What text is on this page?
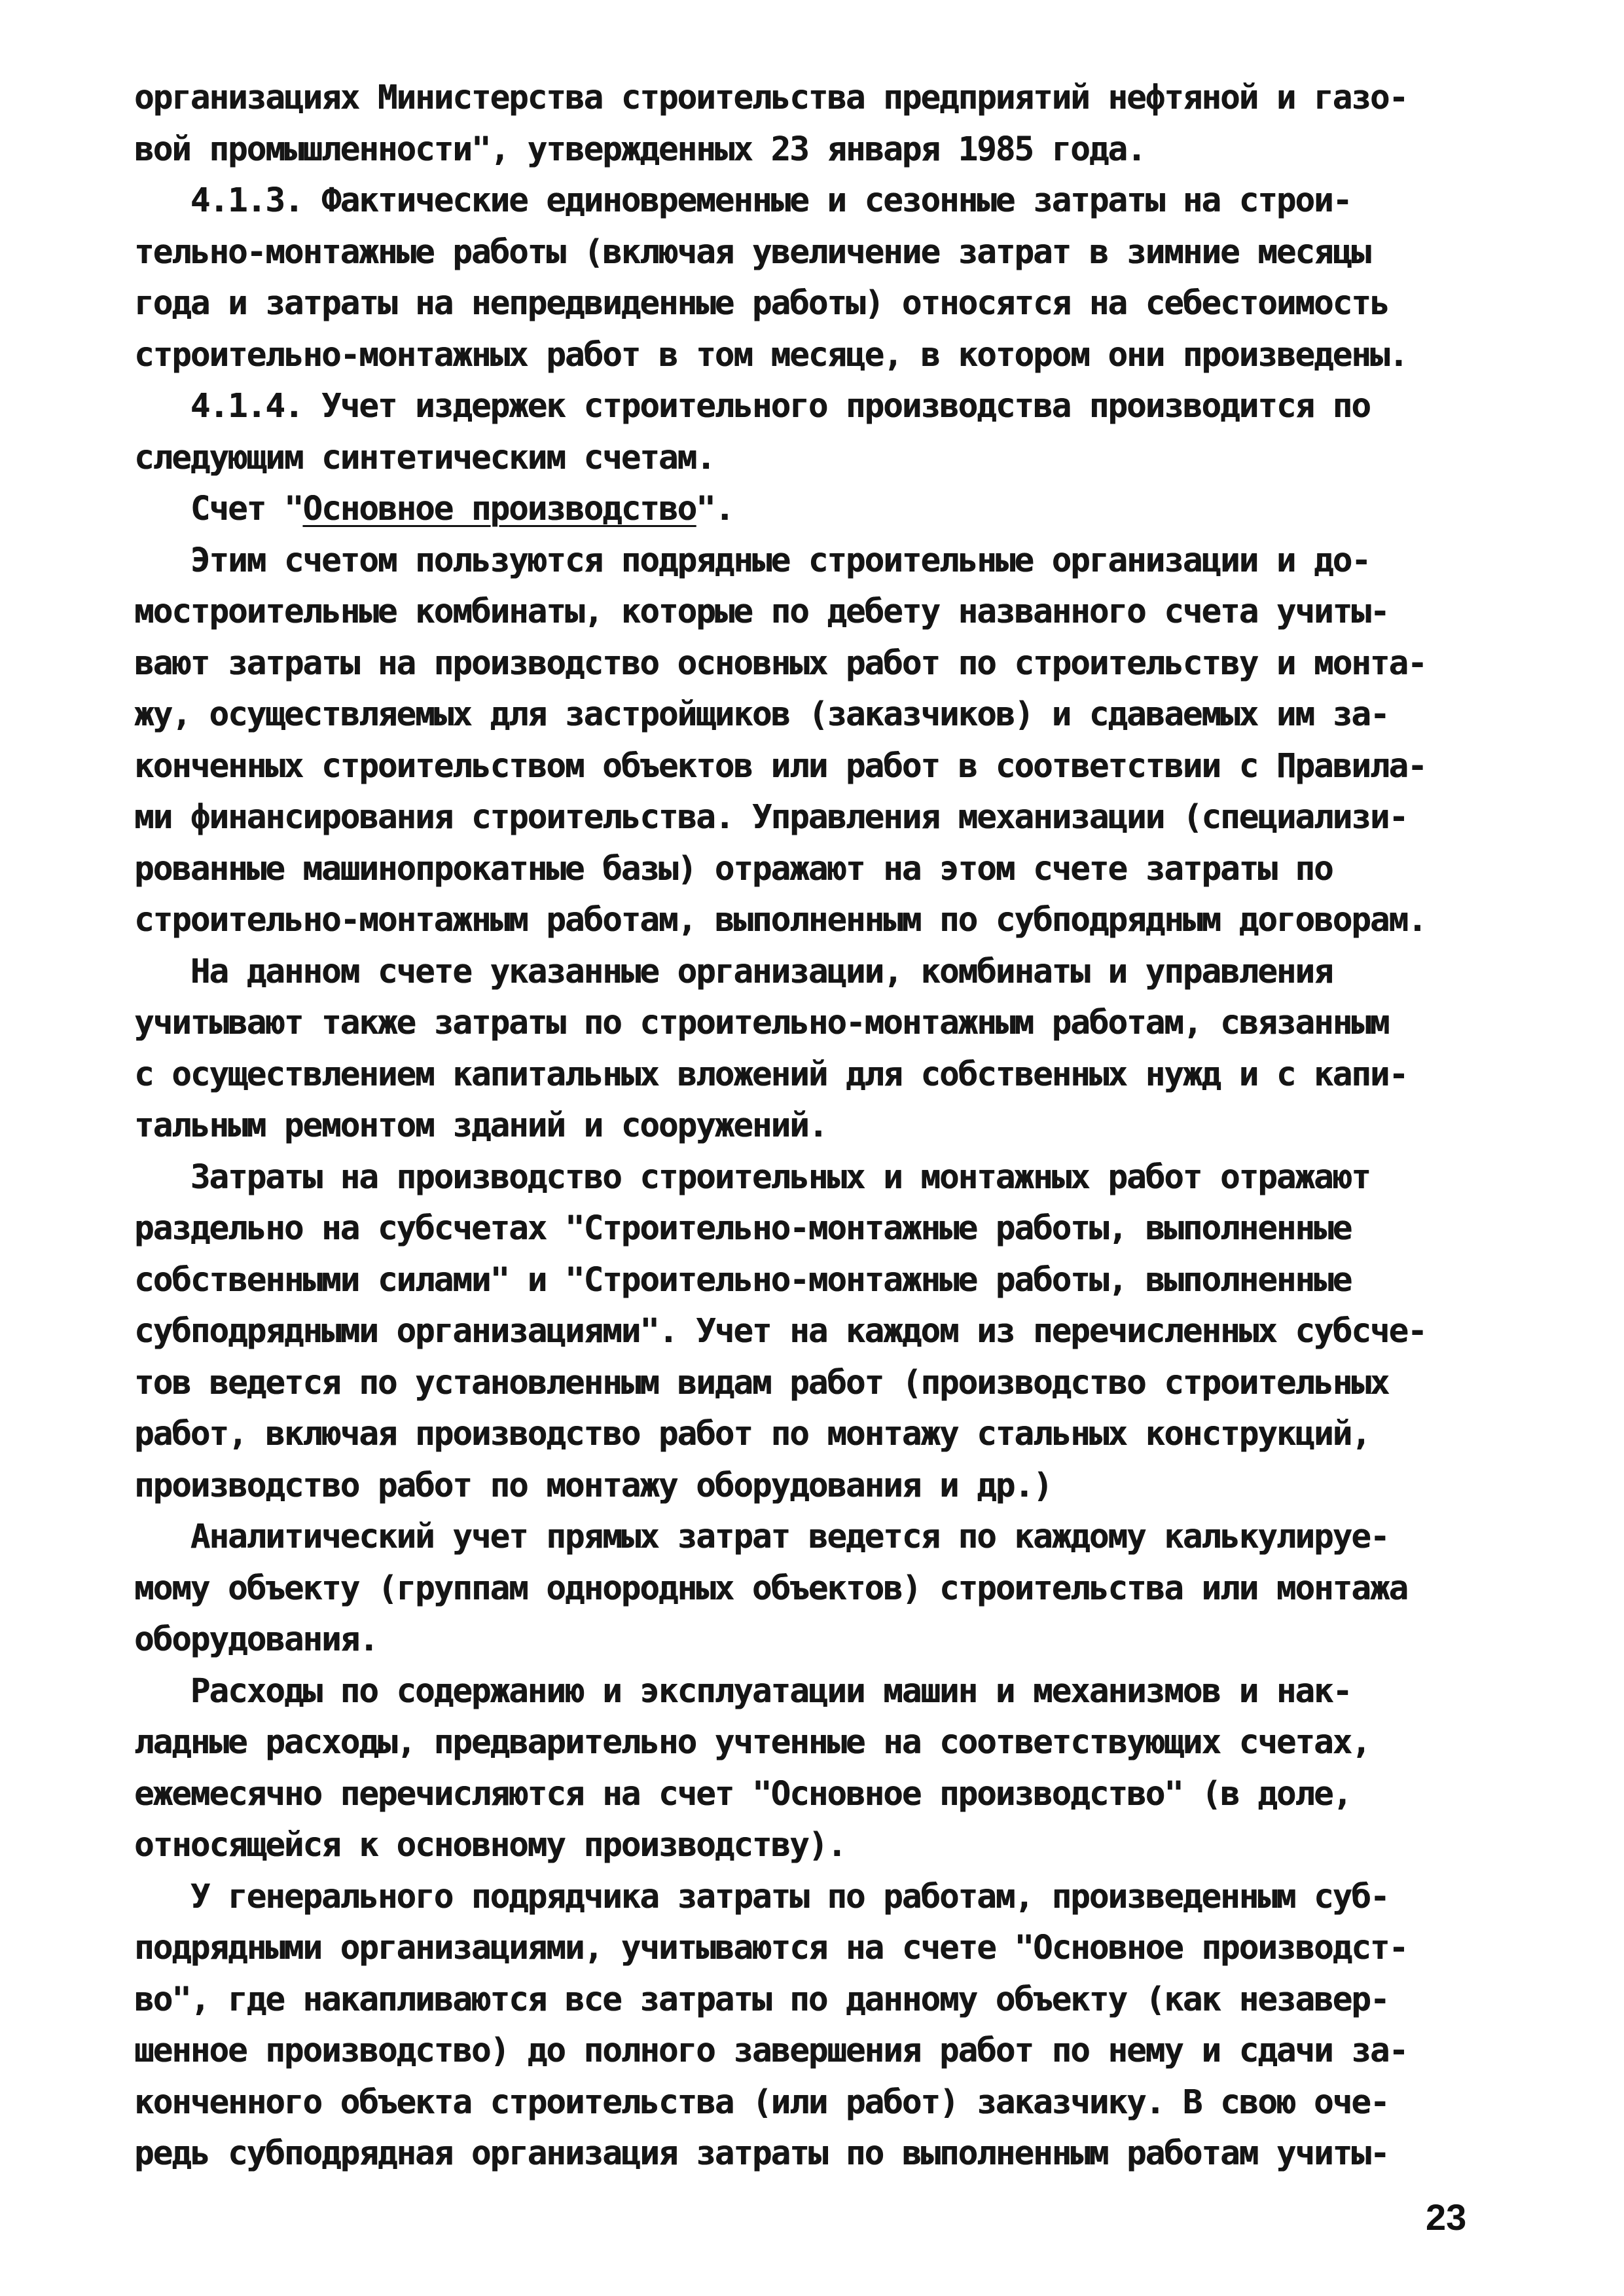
организациях Министерства строительства предприятий нефтяной и газо-
вой промышленности", утвержденных 23 января 1985 года.
4.1.3. Фактические единовременные и сезонные затраты на строи-
тельно-монтажные работы (включая увеличение затрат в зимние месяцы
года и затраты на непредвиденные работы) относятся на себестоимость
строительно-монтажных работ в том месяце, в котором они произведены.
4.1.4. Учет издержек строительного производства производится по
следующим синтетическим счетам.
Счет "Основное производство".
Этим счетом пользуются подрядные строительные организации и до-
мостроительные комбинаты, которые по дебету названного счета учиты-
вают затраты на производство основных работ по строительству и монта-
жу, осуществляемых для застройщиков (заказчиков) и сдаваемых им за-
конченных строительством объектов или работ в соответствии с Правила-
ми финансирования строительства. Управления механизации (специализи-
рованные машинопрокатные базы) отражают на этом счете затраты по
строительно-монтажным работам, выполненным по субподрядным договорам.
На данном счете указанные организации, комбинаты и управления
учитывают также затраты по строительно-монтажным работам, связанным
с осуществлением капитальных вложений для собственных нужд и с капи-
тальным ремонтом зданий и сооружений.
Затраты на производство строительных и монтажных работ отражают
раздельно на субсчетах "Строительно-монтажные работы, выполненные
собственными силами" и "Строительно-монтажные работы, выполненные
субподрядными организациями". Учет на каждом из перечисленных субсче-
тов ведется по установленным видам работ (производство строительных
работ, включая производство работ по монтажу стальных конструкций,
производство работ по монтажу оборудования и др.)
Аналитический учет прямых затрат ведется по каждому калькулируе-
мому объекту (группам однородных объектов) строительства или монтажа
оборудования.
Расходы по содержанию и эксплуатации машин и механизмов и нак-
ладные расходы, предварительно учтенные на соответствующих счетах,
ежемесячно перечисляются на счет "Основное производство" (в доле,
относящейся к основному производству).
У генерального подрядчика затраты по работам, произведенным суб-
подрядными организациями, учитываются на счете "Основное производст-
во", где накапливаются все затраты по данному объекту (как незавер-
шенное производство) до полного завершения работ по нему и сдачи за-
конченного объекта строительства (или работ) заказчику. В свою оче-
редь субподрядная организация затраты по выполненным работам учиты-
23
